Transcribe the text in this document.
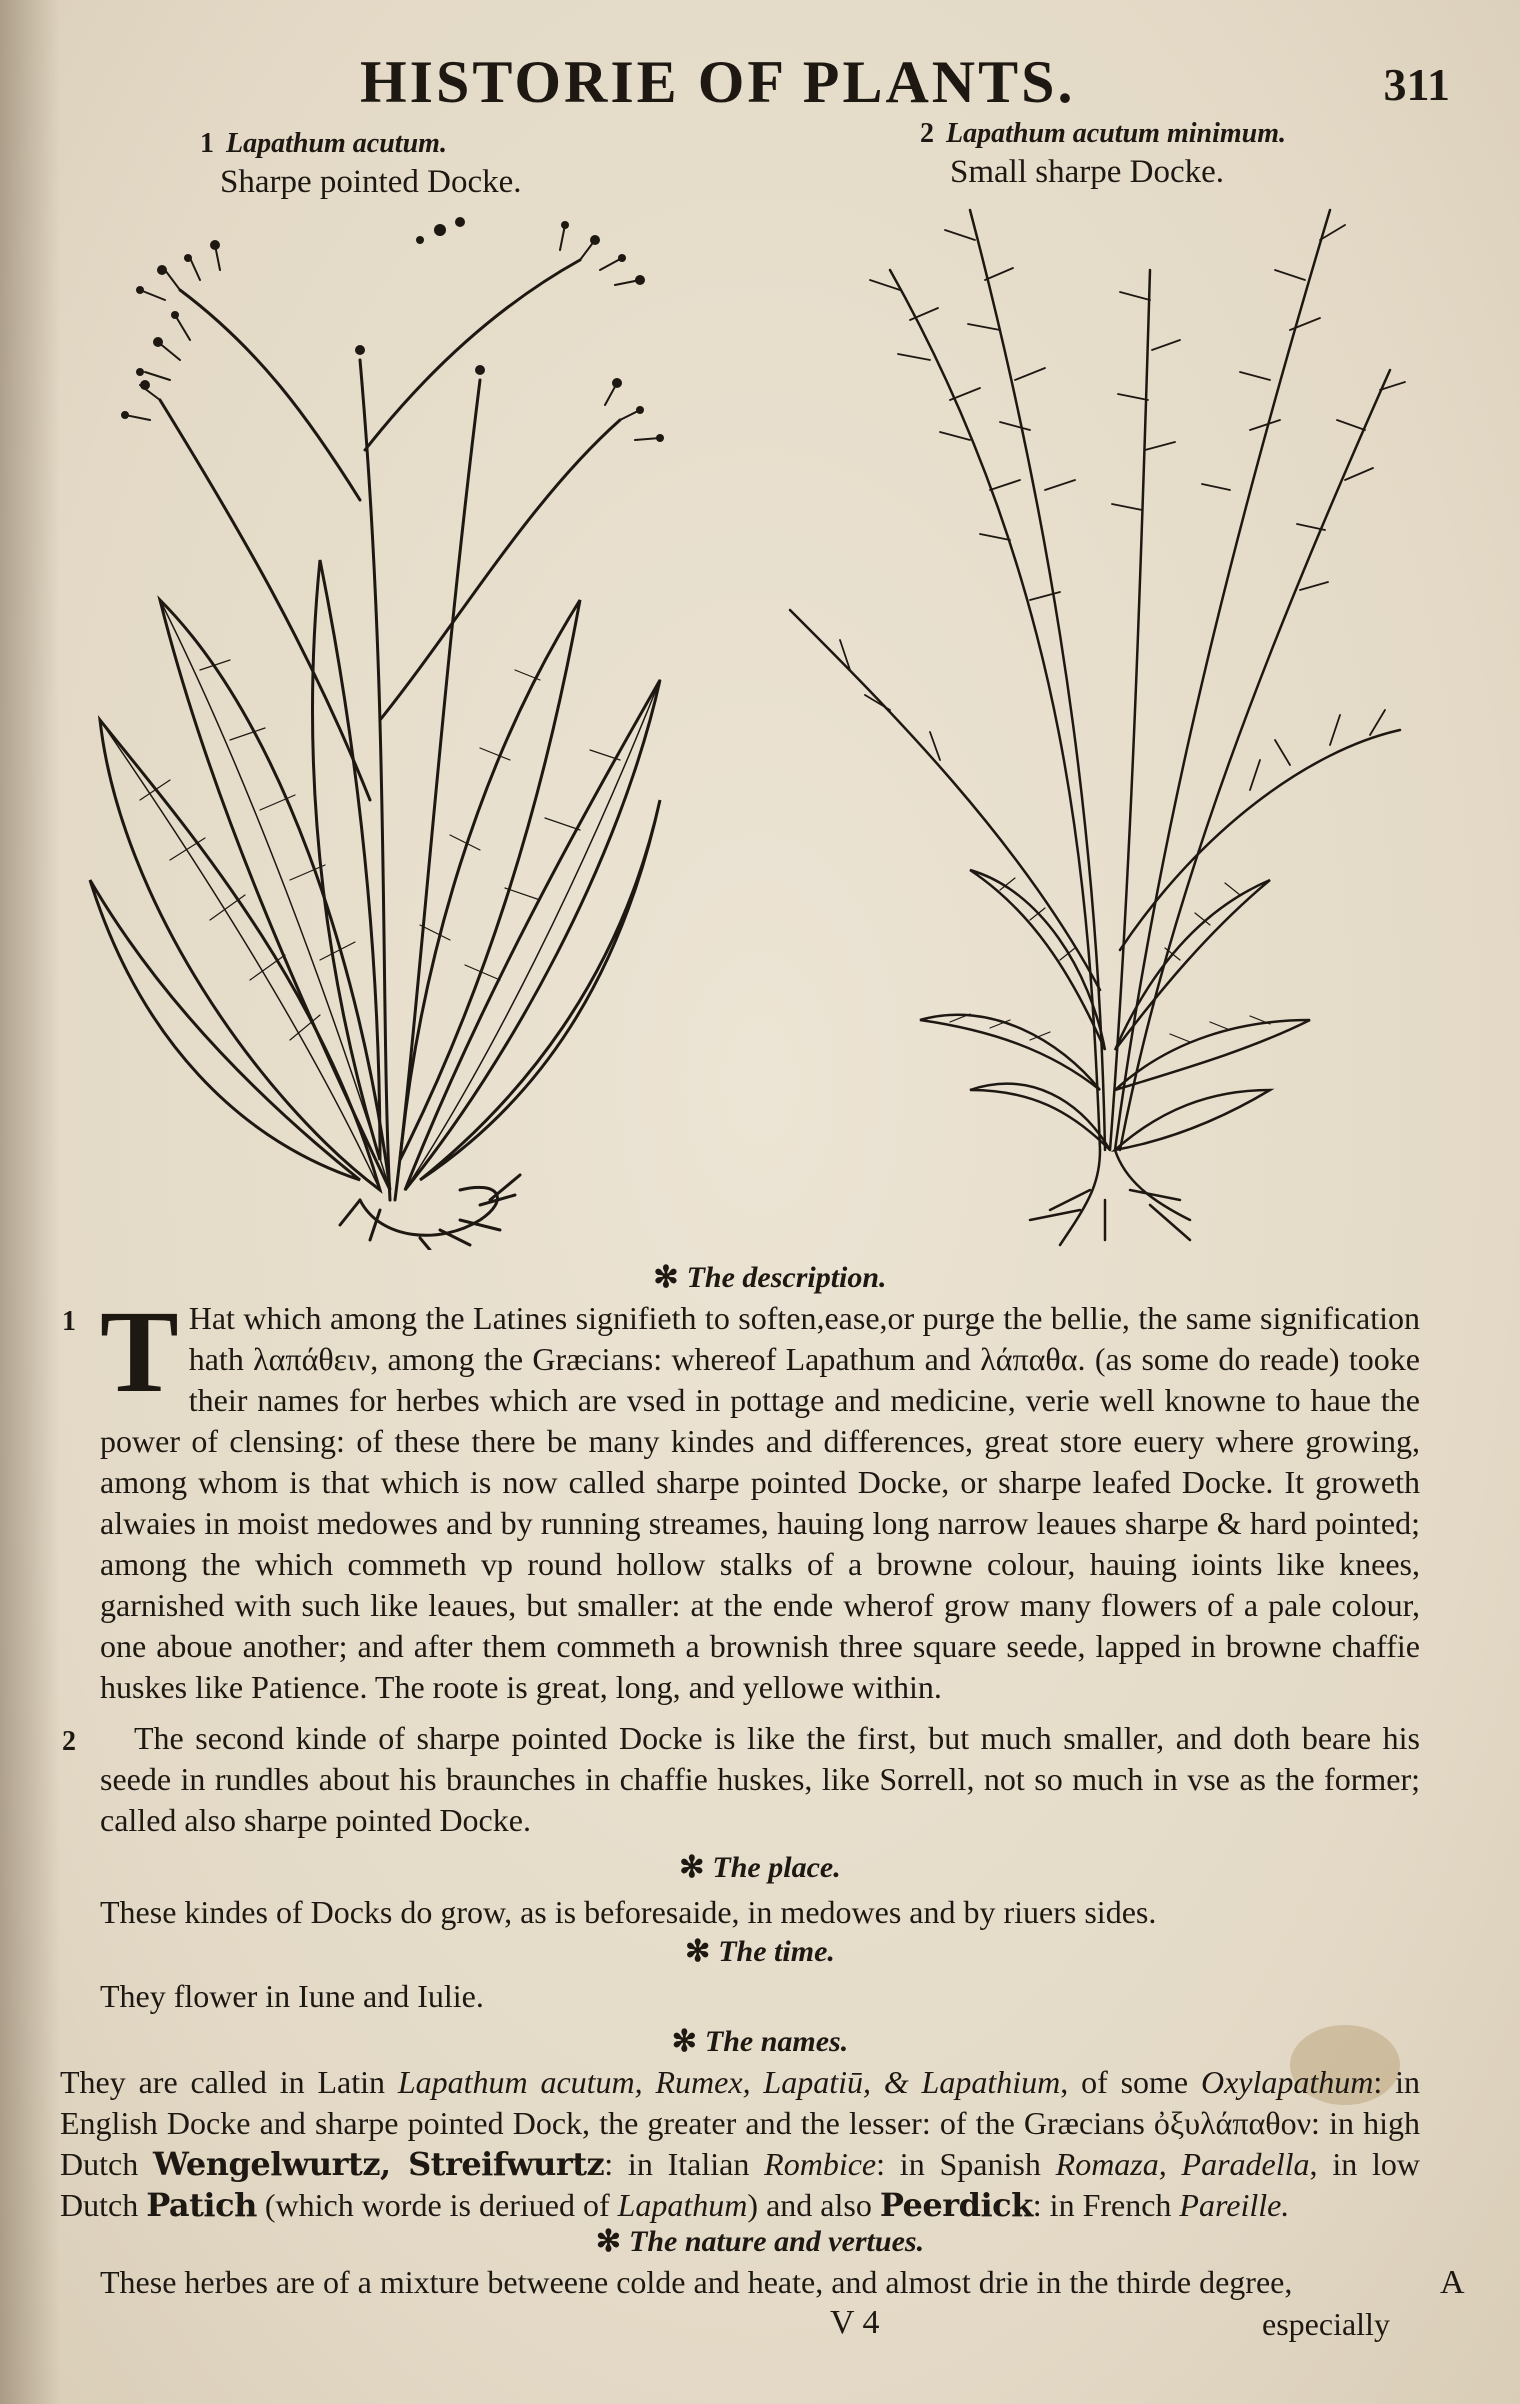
HISTORIE OF PLANTS.	311
1 Lapathum acutum.
Sharpe pointed Docke.
2 Lapathum acutum minimum.
Small sharpe Docke.
✻ The description.
1 T Hat which among the Latines signifieth to soften,ease,or purge the bellie, the same signification hath λαπάθειν, among the Græcians: whereof Lapathum and λάπαθα. (as some do reade) tooke their names for herbes which are vsed in pottage and medicine, verie well knowne to haue the power of clensing: of these there be many kindes and differences, great store euery where growing, among whom is that which is now called sharpe pointed Docke, or sharpe leafed Docke. It groweth alwaies in moist medowes and by running streames, hauing long narrow leaues sharpe & hard pointed; among the which commeth vp round hollow stalks of a browne colour, hauing ioints like knees, garnished with such like leaues, but smaller: at the ende wherof grow many flowers of a pale colour, one aboue another; and after them commeth a brownish three square seede, lapped in browne chaffie huskes like Patience. The roote is great, long, and yellowe within.
2	The second kinde of sharpe pointed Docke is like the first, but much smaller, and doth beare his seede in rundles about his braunches in chaffie huskes, like Sorrell, not so much in vse as the former; called also sharpe pointed Docke.
✻ The place.
These kindes of Docks do grow, as is beforesaide, in medowes and by riuers sides.
✻ The time.
They flower in Iune and Iulie.
✻ The names.
They are called in Latin Lapathum acutum, Rumex, Lapatiū, & Lapathium, of some Oxylapathum: in English Docke and sharpe pointed Dock, the greater and the lesser: of the Græcians ὀξυλάπαθον: in high Dutch Wengelwurtz, Streifwurtz: in Italian Rombice: in Spanish Romaza, Paradella, in low Dutch Patich (which worde is deriued of Lapathum) and also Peerdick: in French Pareille.
✻ The nature and vertues.
These herbes are of a mixture betweene colde and heate, and almost drie in the thirde degree,	A
V 4	especially
